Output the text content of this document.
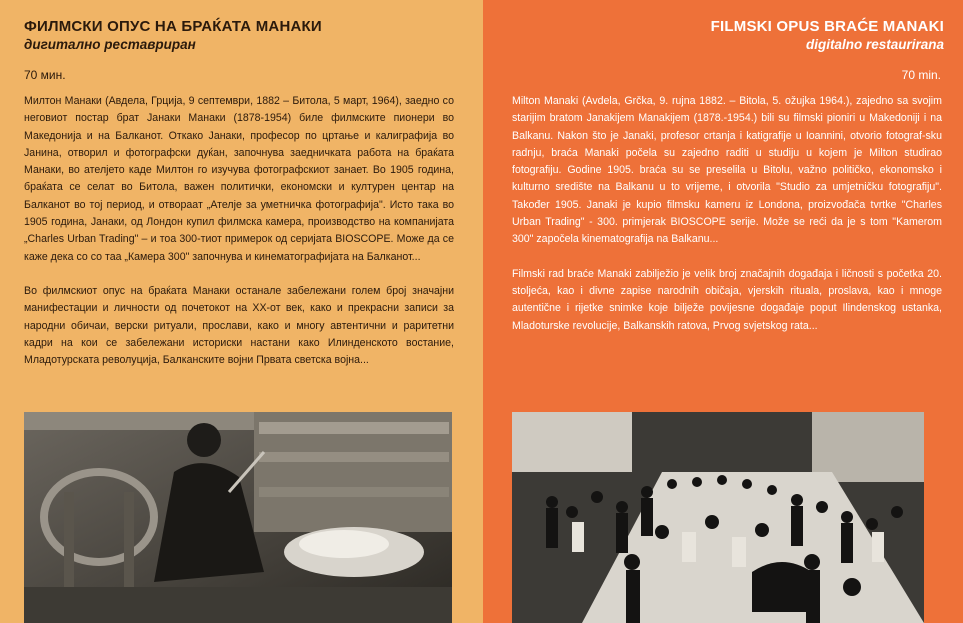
ФИЛМСКИ ОПУС НА БРАЌАТА МАНАКИ
дигитално реставриран
70 мин.

Милтон Манаки (Авдела, Грција, 9 септември, 1882 – Битола, 5 март, 1964), заедно со неговиот постар брат Јанаки Манаки (1878-1954) биле филмските пионери во Македонија и на Балканот. Откако Јанаки, професор по цртање и калиграфија во Јанина, отворил и фотографски дуќан, започнува заедничката работа на браќата Манаки, во ателјето каде Милтон го изучува фотографскиот занает. Во 1905 година, браќата се селат во Битола, важен политички, економски и културен центар на Балканот во тој период, и отвораат „Ателје за уметничка фотографија". Исто така во 1905 година, Јанаки, од Лондон купил филмска камера, производство на компанијата „Charles Urban Trading" – и тоа 300-тиот примерок од серијата BIOSCOPE. Може да се каже дека со со таа „Камера 300" започнува и кинематографијата на Балканот...

Во филмскиот опус на браќата Манаки останале забележани голем број значајни манифестации и личности од почетокот на XX-от век, како и прекрасни записи за народни обичаи, верски ритуали, прослави, како и многу автентични и раритетни кадри на кои се забележани историски настани како Илинденското востание, Младотурската револуција, Балканските војни Првата светска војна...

FILMSKI OPUS BRAĆE MANAKI
digitalno restaurirana
70 min.

Milton Manaki (Avdela, Grčka, 9. rujna 1882. – Bitola, 5. ožujka 1964.), zajedno sa svojim starijim bratom Janakijem Manakijem (1878.-1954.) bili su filmski pioniri u Makedoniji i na Balkanu. Nakon što je Janaki, profesor crtanja i katigrafije u Ioannini, otvorio fotograf-sku radnju, braća Manaki počela su zajedno raditi u studiju u kojem je Milton studirao fotografiju. Godine 1905. braća su se preselila u Bitolu, važno političko, ekonomsko i kulturno središte na Balkanu u to vrijeme, i otvorila "Studio za umjetničku fotografiju". Također 1905. Janaki je kupio filmsku kameru iz Londona, proizvođača tvrtke "Charles Urban Trading" - 300. primjerak BIOSCOPE serije. Može se reći da je s tom "Kamerom 300" započela kinematografija na Balkanu...

Filmski rad braće Manaki zabilježio je velik broj značajnih događaja i ličnosti s početka 20. stoljeća, kao i divne zapise narodnih običaja, vjerskih rituala, proslava, kao i mnoge autentične i rijetke snimke koje bilježe povijesne događaje poput Ilindenskog ustanka, Mladoturske revolucije, Balkanskih ratova, Prvog svjetskog rata...
